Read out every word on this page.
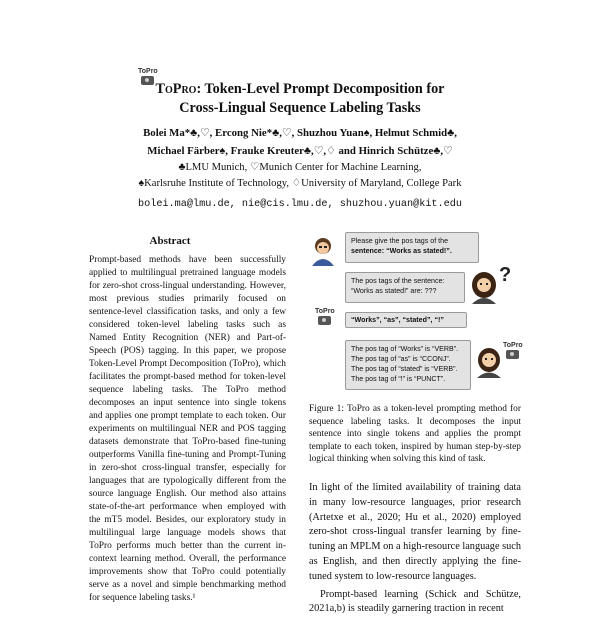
ToPro
ToPro: Token-Level Prompt Decomposition for
Cross-Lingual Sequence Labeling Tasks
Bolei Ma*♣,♡, Ercong Nie*♣,♡, Shuzhou Yuan♠, Helmut Schmid♣,
Michael Färber♠, Frauke Kreuter♣,♡,♢ and Hinrich Schütze♣,♡
♣LMU Munich, ♡Munich Center for Machine Learning,
♠Karlsruhe Institute of Technology, ♢University of Maryland, College Park
bolei.ma@lmu.de, nie@cis.lmu.de, shuzhou.yuan@kit.edu
Abstract

Prompt-based methods have been successfully applied to multilingual pretrained language models for zero-shot cross-lingual understanding. However, most previous studies primarily focused on sentence-level classification tasks, and only a few considered token-level labeling tasks such as Named Entity Recognition (NER) and Part-of-Speech (POS) tagging. In this paper, we propose Token-Level Prompt Decomposition (ToPro), which facilitates the prompt-based method for token-level sequence labeling tasks. The ToPro method decomposes an input sentence into single tokens and applies one prompt template to each token. Our experiments on multilingual NER and POS tagging datasets demonstrate that ToPro-based fine-tuning outperforms Vanilla fine-tuning and Prompt-Tuning in zero-shot cross-lingual transfer, especially for languages that are typologically different from the source language English. Our method also attains state-of-the-art performance when employed with the mT5 model. Besides, our exploratory study in multilingual large language models shows that ToPro performs much better than the current in-context learning method. Overall, the performance improvements show that ToPro could potentially serve as a novel and simple benchmarking method for sequence labeling tasks.¹

Please give the pos tags of the
sentence: “Works as stated!”.
The pos tags of the sentence:
“Works as stated!” are: ???
?
ToPro
“Works”, “as”, “stated”, “!”
The pos tag of “Works” is “VERB”.
The pos tag of “as” is “CCONJ”.
The pos tag of “stated” is “VERB”.
The pos tag of “!” is “PUNCT”.
ToPro
Figure 1: ToPro as a token-level prompting method for sequence labeling tasks. It decomposes the input sentence into single tokens and applies the prompt template to each token, inspired by human step-by-step logical thinking when solving this kind of task.

In light of the limited availability of training data in many low-resource languages, prior research (Artetxe et al., 2020; Hu et al., 2020) employed zero-shot cross-lingual transfer learning by fine-tuning an MPLM on a high-resource language such as English, and then directly applying the fine-tuned system to low-resource languages.

Prompt-based learning (Schick and Schütze, 2021a,b) is steadily garnering traction in recent
